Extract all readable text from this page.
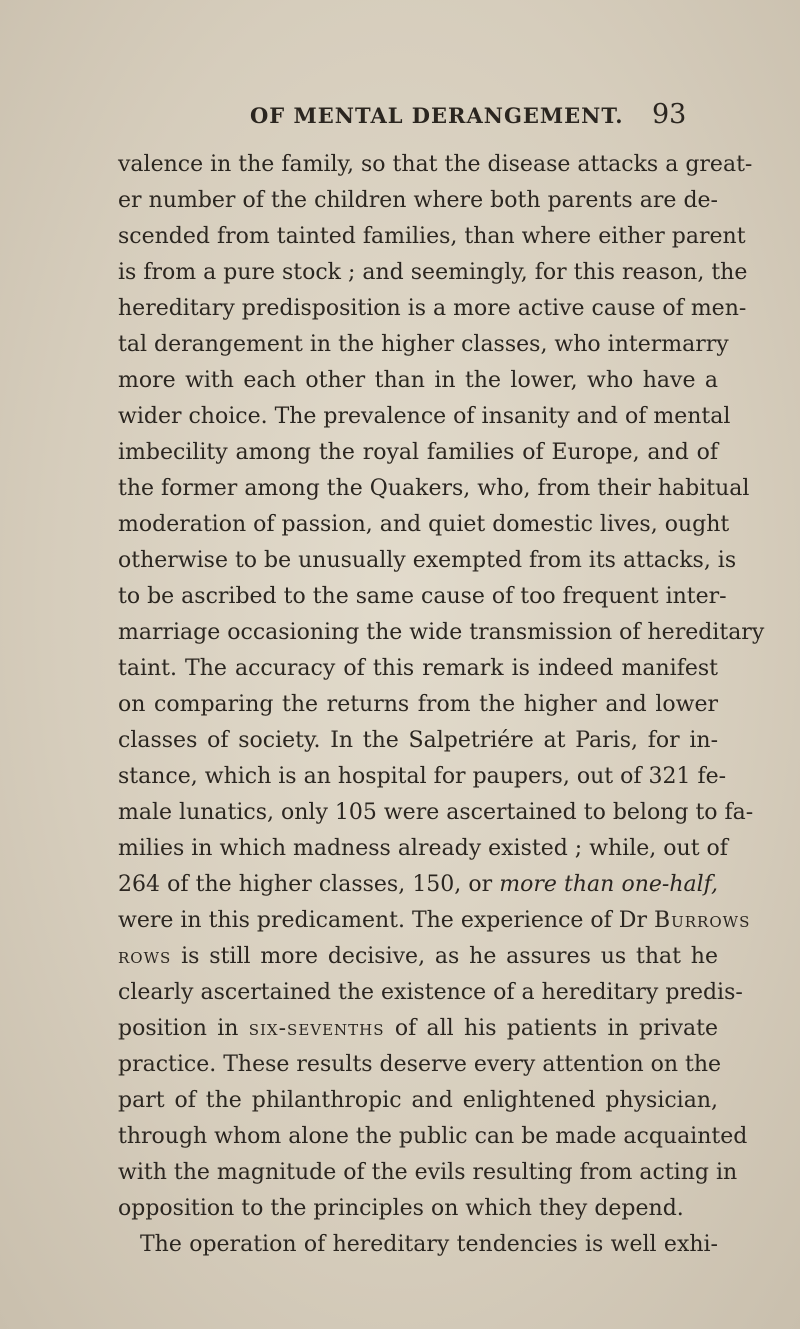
OF MENTAL DERANGEMENT. 93
valence in the family, so that the disease attacks a great-
er number of the children where both parents are de-
scended from tainted families, than where either parent
is from a pure stock ; and seemingly, for this reason, the
hereditary predisposition is a more active cause of men-
tal derangement in the higher classes, who intermarry
more with each other than in the lower, who have a
wider choice. The prevalence of insanity and of mental
imbecility among the royal families of Europe, and of
the former among the Quakers, who, from their habitual
moderation of passion, and quiet domestic lives, ought
otherwise to be unusually exempted from its attacks, is
to be ascribed to the same cause of too frequent inter-
marriage occasioning the wide transmission of hereditary
taint. The accuracy of this remark is indeed manifest
on comparing the returns from the higher and lower
classes of society. In the Salpetriére at Paris, for in-
stance, which is an hospital for paupers, out of 321 fe-
male lunatics, only 105 were ascertained to belong to fa-
milies in which madness already existed ; while, out of
264 of the higher classes, 150, or more than one-half,
were in this predicament. The experience of Dr Burrows
rows is still more decisive, as he assures us that he
clearly ascertained the existence of a hereditary predis-
position in six-sevenths of all his patients in private
practice. These results deserve every attention on the
part of the philanthropic and enlightened physician,
through whom alone the public can be made acquainted
with the magnitude of the evils resulting from acting in
opposition to the principles on which they depend.
The operation of hereditary tendencies is well exhi-
